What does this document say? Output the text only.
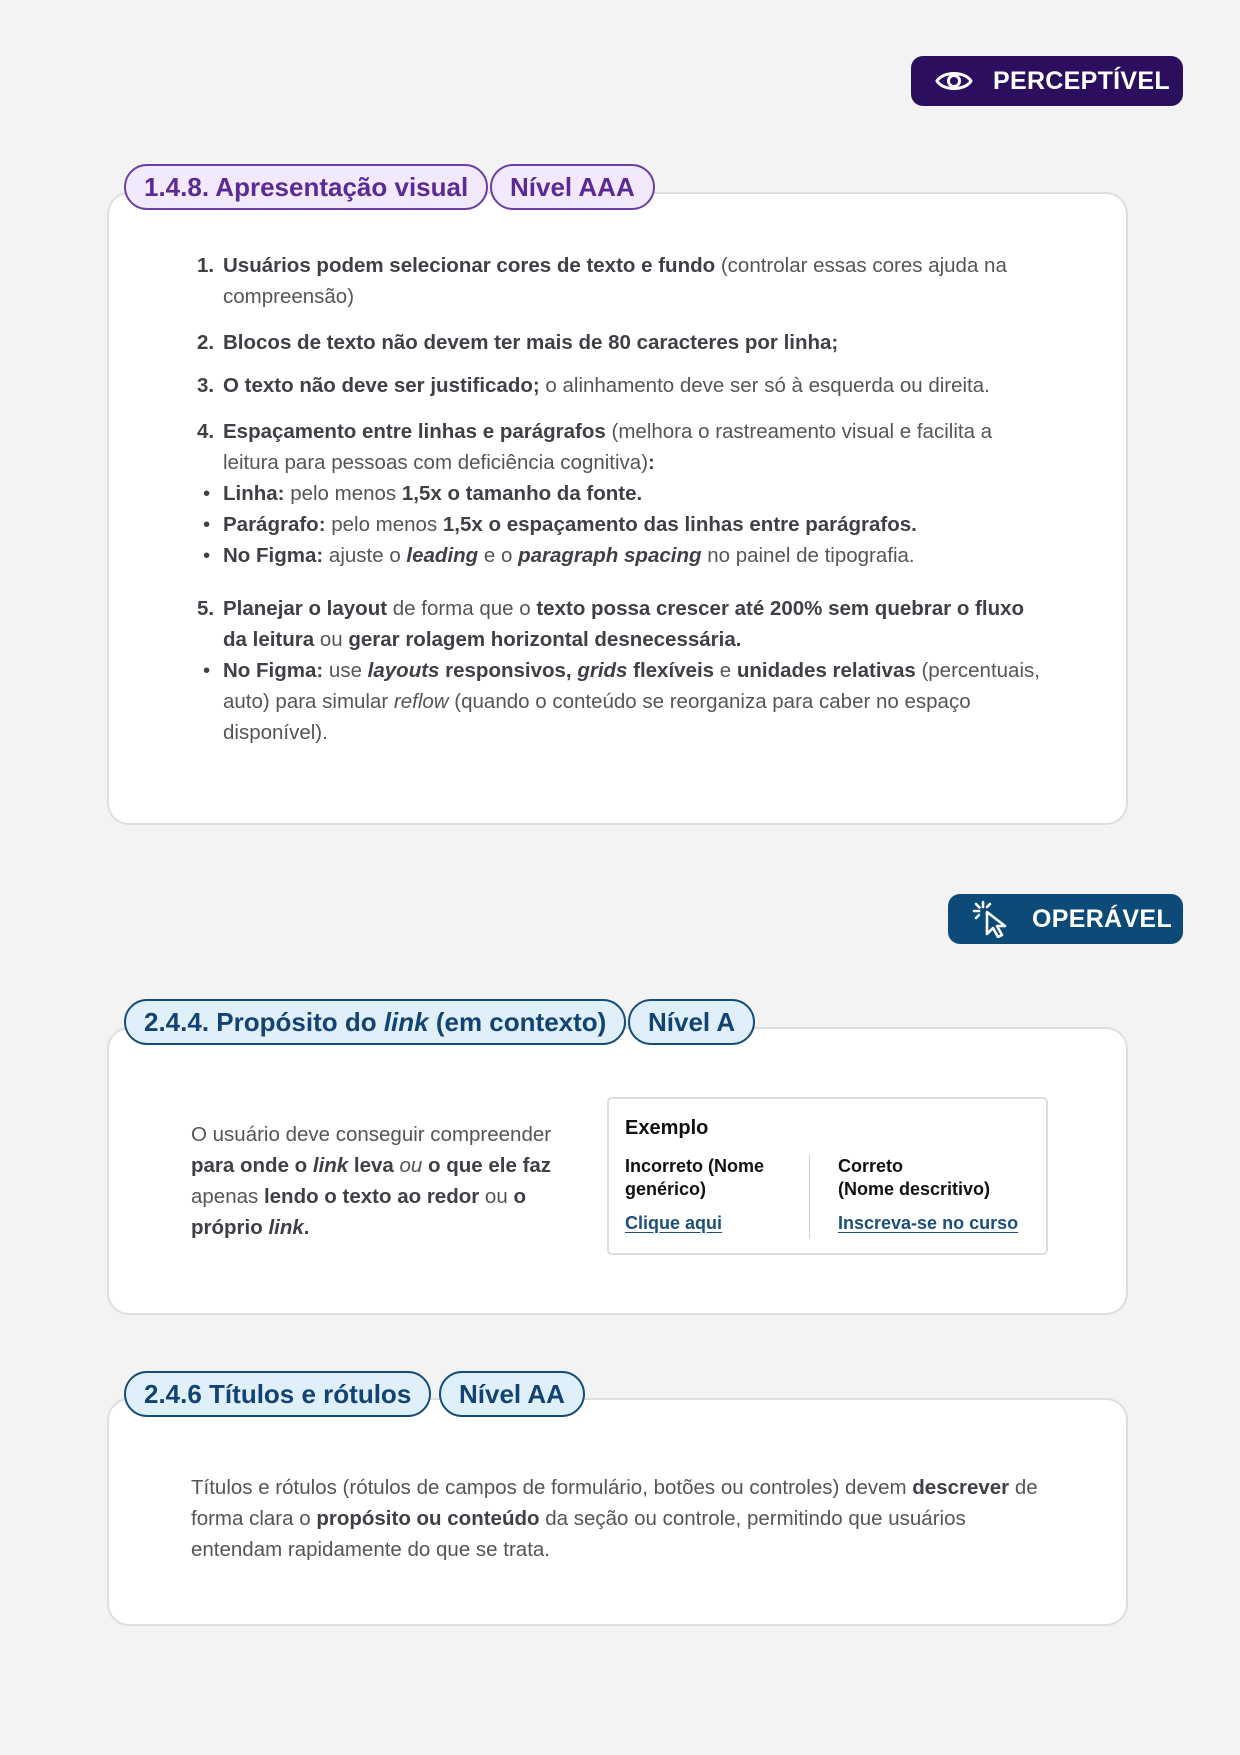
PERCEPTÍVEL
1. Usuários podem selecionar cores de texto e fundo (controlar essas cores ajuda na compreensão)
2. Blocos de texto não devem ter mais de 80 caracteres por linha;
3. O texto não deve ser justificado; o alinhamento deve ser só à esquerda ou direita.
4. Espaçamento entre linhas e parágrafos (melhora o rastreamento visual e facilita a leitura para pessoas com deficiência cognitiva):
• Linha: pelo menos 1,5x o tamanho da fonte.
• Parágrafo: pelo menos 1,5x o espaçamento das linhas entre parágrafos.
• No Figma: ajuste o leading e o paragraph spacing no painel de tipografia.
5. Planejar o layout de forma que o texto possa crescer até 200% sem quebrar o fluxo da leitura ou gerar rolagem horizontal desnecessária.
• No Figma: use layouts responsivos, grids flexíveis e unidades relativas (percentuais, auto) para simular reflow (quando o conteúdo se reorganiza para caber no espaço disponível).
1.4.8. Apresentação visual Nível AAA
OPERÁVEL
O usuário deve conseguir compreender para onde o link leva ou o que ele faz apenas lendo o texto ao redor ou o próprio link.
Exemplo
Incorreto (Nome genérico)
Correto
(Nome descritivo)
Clique aqui	Inscreva-se no curso
2.4.4. Propósito do link (em contexto) Nível A
Títulos e rótulos (rótulos de campos de formulário, botões ou controles) devem descrever de forma clara o propósito ou conteúdo da seção ou controle, permitindo que usuários entendam rapidamente do que se trata.
2.4.6 Títulos e rótulos Nível AA
